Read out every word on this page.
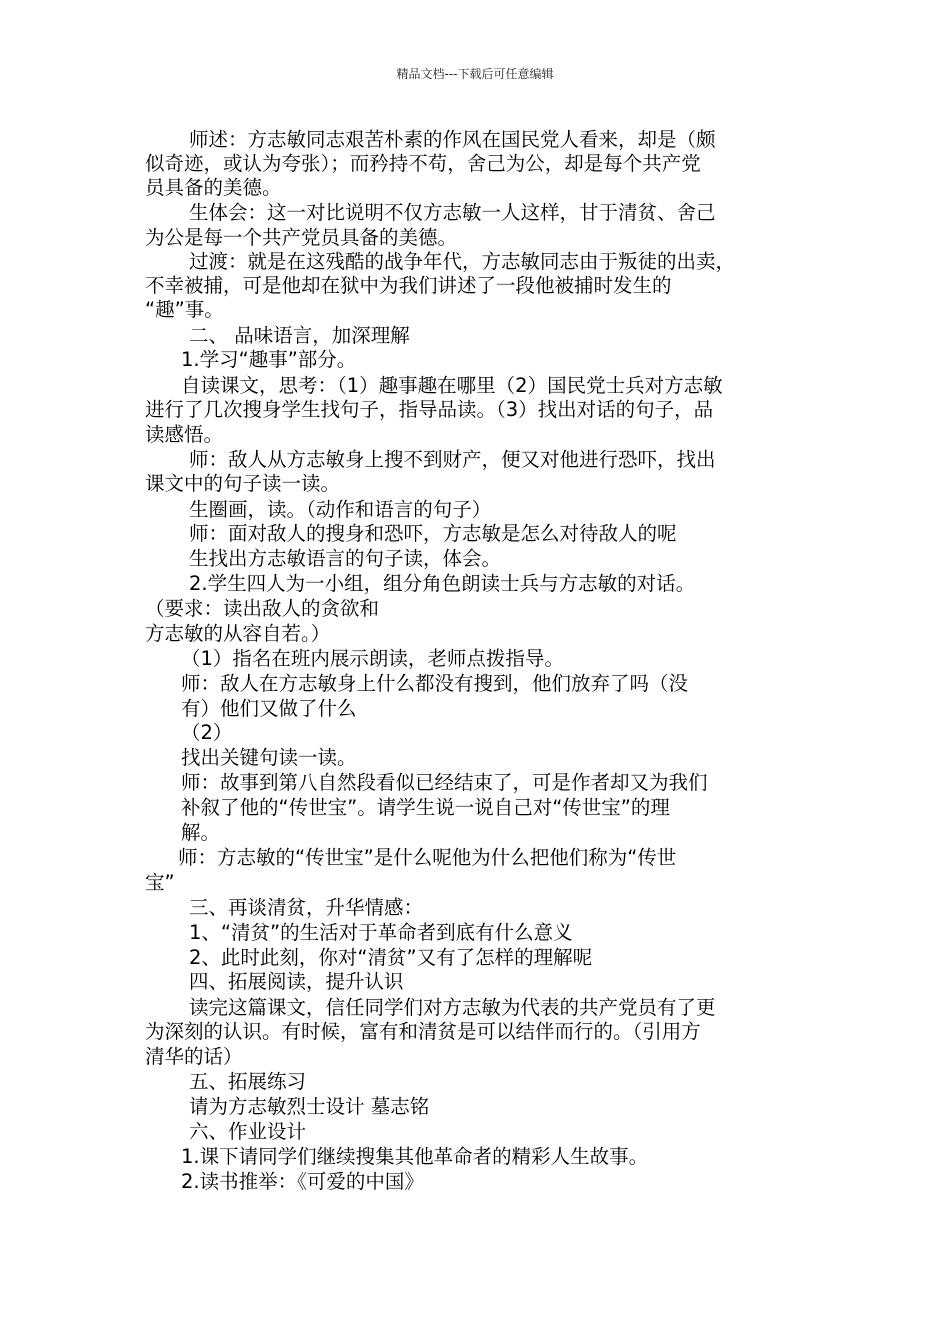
精品文档---下载后可任意编辑
师述：方志敏同志艰苦朴素的作风在国民党人看来，却是（颇
似奇迹，或认为夸张）；而矜持不苟，舍己为公，却是每个共产党
员具备的美德。
生体会：这一对比说明不仅方志敏一人这样，甘于清贫、舍己
为公是每一个共产党员具备的美德。
过渡：就是在这残酷的战争年代，方志敏同志由于叛徒的出卖，
不幸被捕，可是他却在狱中为我们讲述了一段他被捕时发生的
“趣”事。
二、 品味语言，加深理解
1.学习“趣事”部分。
自读课文，思考：（1）趣事趣在哪里（2）国民党士兵对方志敏
进行了几次搜身学生找句子，指导品读。（3）找出对话的句子，品
读感悟。
师：敌人从方志敏身上搜不到财产，便又对他进行恐吓，找出
课文中的句子读一读。
生圈画，读。（动作和语言的句子）
师：面对敌人的搜身和恐吓，方志敏是怎么对待敌人的呢
生找出方志敏语言的句子读，体会。
2.学生四人为一小组，组分角色朗读士兵与方志敏的对话。
（要求：读出敌人的贪欲和
方志敏的从容自若。）
（1）指名在班内展示朗读，老师点拨指导。
师：敌人在方志敏身上什么都没有搜到，他们放弃了吗（没
有）他们又做了什么
（2）
找出关键句读一读。
师：故事到第八自然段看似已经结束了，可是作者却又为我们
补叙了他的“传世宝”。请学生说一说自己对“传世宝”的理
解。
师：方志敏的“传世宝”是什么呢他为什么把他们称为“传世
宝”
三、再谈清贫，升华情感：
1、“清贫”的生活对于革命者到底有什么意义
2、此时此刻，你对“清贫”又有了怎样的理解呢
四、拓展阅读，提升认识
读完这篇课文，信任同学们对方志敏为代表的共产党员有了更
为深刻的认识。有时候，富有和清贫是可以结伴而行的。（引用方
清华的话）
五、拓展练习
请为方志敏烈士设计 墓志铭
六、作业设计
1.课下请同学们继续搜集其他革命者的精彩人生故事。
2.读书推举：《可爱的中国》
